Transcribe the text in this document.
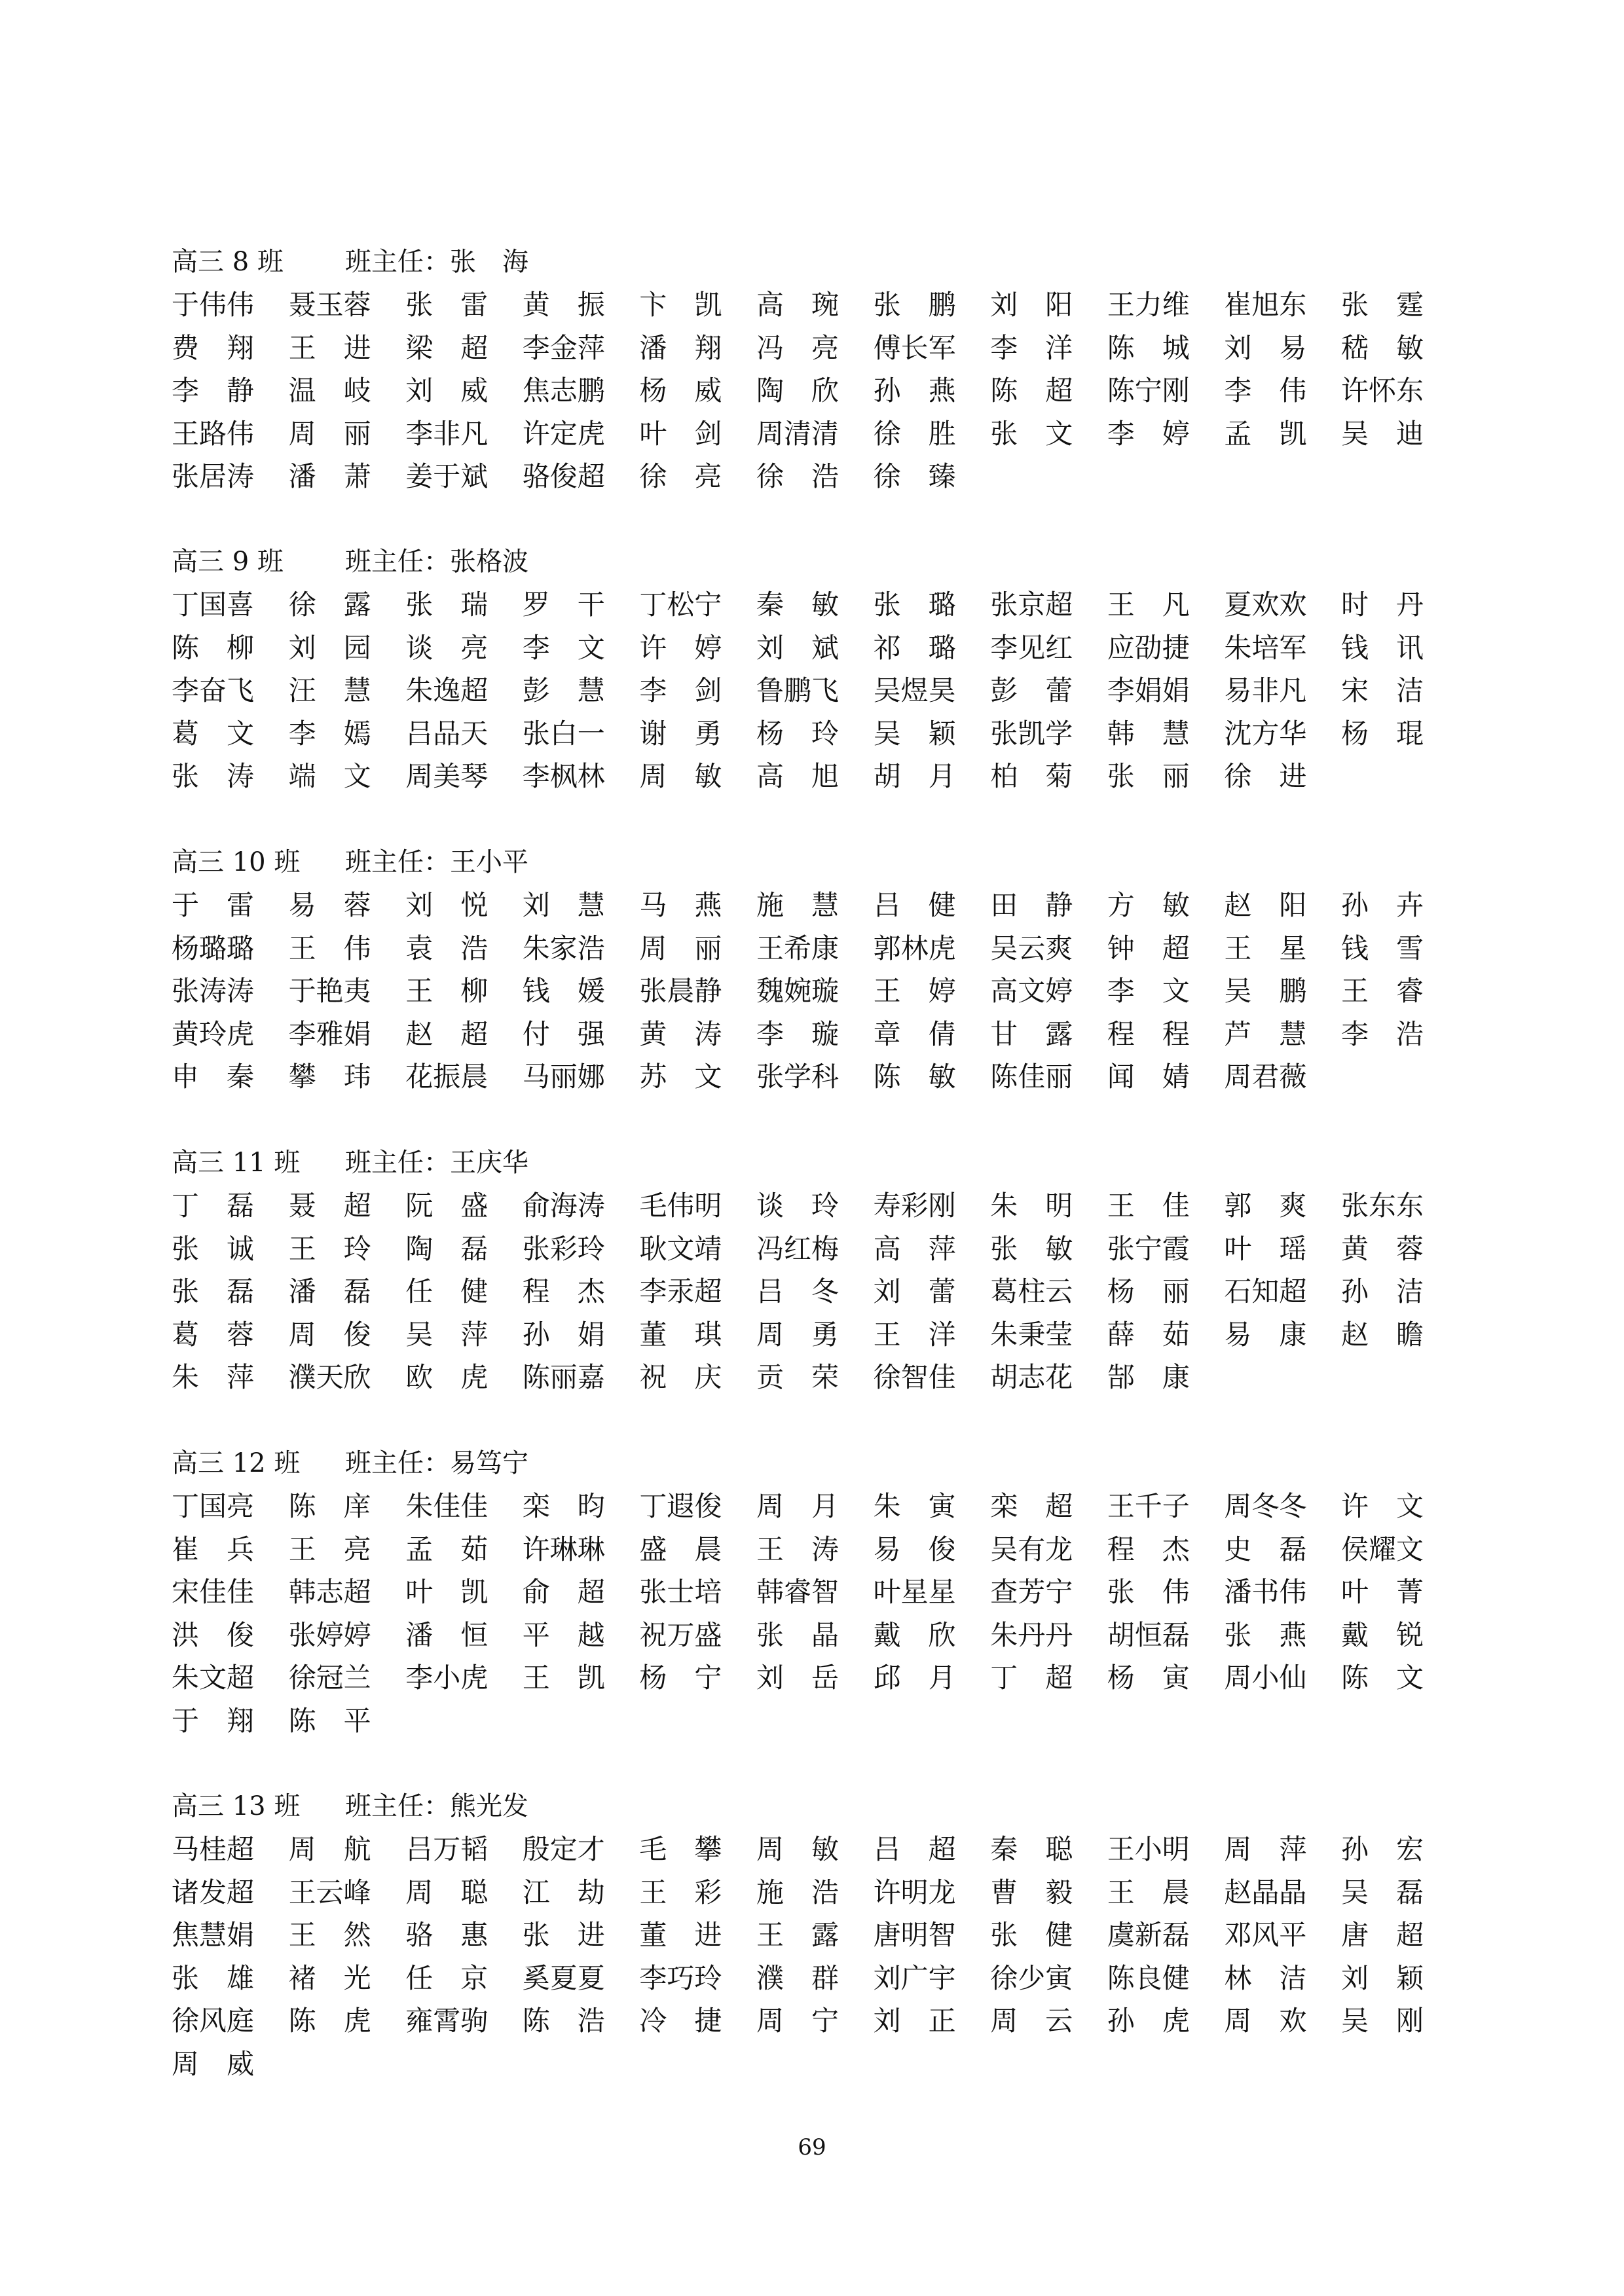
高三 8 班 班主任：张　海
于伟伟 聂玉蓉 张　雷 黄　振 卞　凯 高　琬 张　鹏 刘　阳 王力维 崔旭东 张　霆
费　翔 王　进 梁　超 李金萍 潘　翔 冯　亮 傅长军 李　洋 陈　城 刘　易 嵇　敏
李　静 温　岐 刘　威 焦志鹏 杨　威 陶　欣 孙　燕 陈　超 陈宁刚 李　伟 许怀东
王路伟 周　丽 李非凡 许定虎 叶　剑 周清清 徐　胜 张　文 李　婷 孟　凯 吴　迪
张居涛 潘　萧 姜于斌 骆俊超 徐　亮 徐　浩 徐　臻
高三 9 班 班主任：张格波
丁国喜 徐　露 张　瑞 罗　干 丁松宁 秦　敏 张　璐 张京超 王　凡 夏欢欢 时　丹
陈　柳 刘　园 谈　亮 李　文 许　婷 刘　斌 祁　璐 李见红 应劭捷 朱培军 钱　讯
李奋飞 汪　慧 朱逸超 彭　慧 李　剑 鲁鹏飞 吴煜昊 彭　蕾 李娟娟 易非凡 宋　洁
葛　文 李　嫣 吕品天 张白一 谢　勇 杨　玲 吴　颖 张凯学 韩　慧 沈方华 杨　琨
张　涛 端　文 周美琴 李枫林 周　敏 高　旭 胡　月 柏　菊 张　丽 徐　进
高三 10 班 班主任：王小平
于　雷 易　蓉 刘　悦 刘　慧 马　燕 施　慧 吕　健 田　静 方　敏 赵　阳 孙　卉
杨璐璐 王　伟 袁　浩 朱家浩 周　丽 王希康 郭林虎 吴云爽 钟　超 王　星 钱　雪
张涛涛 于艳夷 王　柳 钱　媛 张晨静 魏婉璇 王　婷 高文婷 李　文 吴　鹏 王　睿
黄玲虎 李雅娟 赵　超 付　强 黄　涛 李　璇 章　倩 甘　露 程　程 芦　慧 李　浩
申　秦 攀　玮 花振晨 马丽娜 苏　文 张学科 陈　敏 陈佳丽 闻　婧 周君薇
高三 11 班 班主任：王庆华
丁　磊 聂　超 阮　盛 俞海涛 毛伟明 谈　玲 寿彩刚 朱　明 王　佳 郭　爽 张东东
张　诚 王　玲 陶　磊 张彩玲 耿文靖 冯红梅 高　萍 张　敏 张宁霞 叶　瑶 黄　蓉
张　磊 潘　磊 任　健 程　杰 李汞超 吕　冬 刘　蕾 葛柱云 杨　丽 石知超 孙　洁
葛　蓉 周　俊 吴　萍 孙　娟 董　琪 周　勇 王　洋 朱秉莹 薛　茹 易　康 赵　瞻
朱　萍 濮天欣 欧　虎 陈丽嘉 祝　庆 贡　荣 徐智佳 胡志花 郜　康
高三 12 班 班主任：易笃宁
丁国亮 陈　庠 朱佳佳 栾　昀 丁遐俊 周　月 朱　寅 栾　超 王千子 周冬冬 许　文
崔　兵 王　亮 孟　茹 许琳琳 盛　晨 王　涛 易　俊 吴有龙 程　杰 史　磊 侯耀文
宋佳佳 韩志超 叶　凯 俞　超 张士培 韩睿智 叶星星 查芳宁 张　伟 潘书伟 叶　菁
洪　俊 张婷婷 潘　恒 平　越 祝万盛 张　晶 戴　欣 朱丹丹 胡恒磊 张　燕 戴　锐
朱文超 徐冠兰 李小虎 王　凯 杨　宁 刘　岳 邱　月 丁　超 杨　寅 周小仙 陈　文
于　翔 陈　平
高三 13 班 班主任：熊光发
马桂超 周　航 吕万韬 殷定才 毛　攀 周　敏 吕　超 秦　聪 王小明 周　萍 孙　宏
诸发超 王云峰 周　聪 江　劫 王　彩 施　浩 许明龙 曹　毅 王　晨 赵晶晶 吴　磊
焦慧娟 王　然 骆　惠 张　进 董　进 王　露 唐明智 张　健 虞新磊 邓风平 唐　超
张　雄 褚　光 任　京 奚夏夏 李巧玲 濮　群 刘广宇 徐少寅 陈良健 林　洁 刘　颖
徐风庭 陈　虎 雍霄驹 陈　浩 冷　捷 周　宁 刘　正 周　云 孙　虎 周　欢 吴　刚
周　威
69
